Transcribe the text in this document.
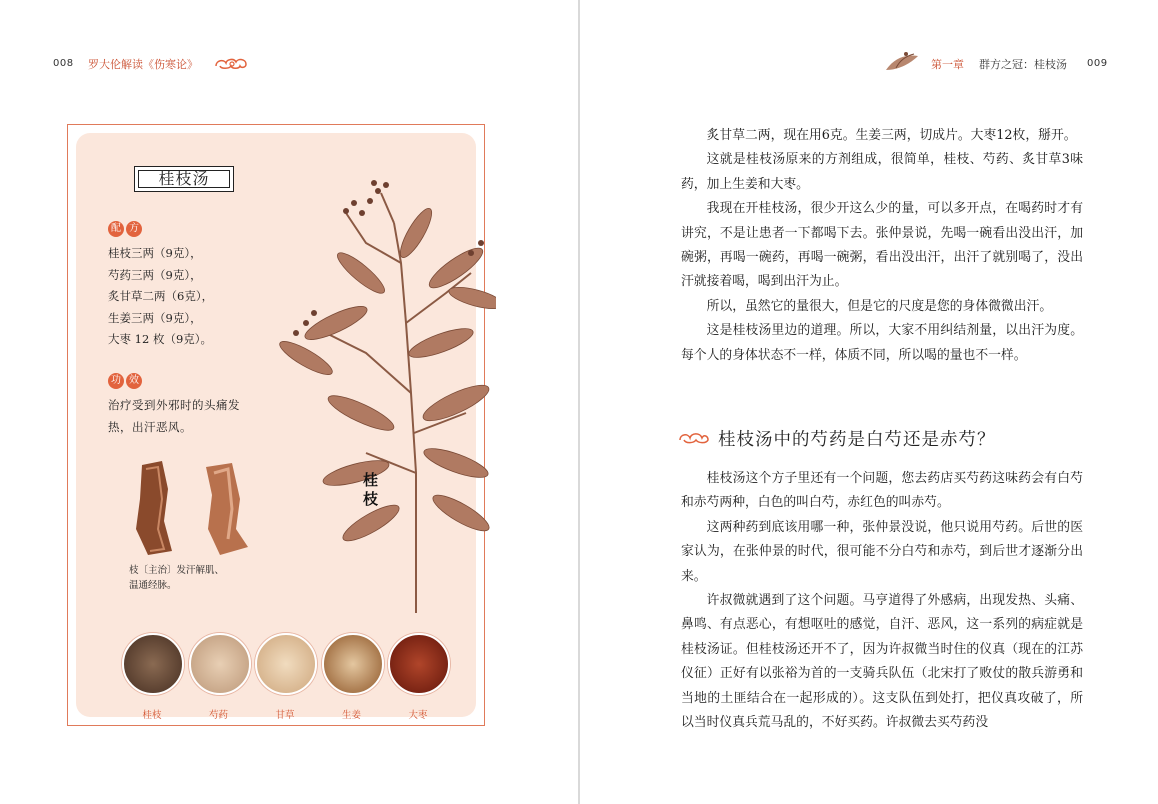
008 罗大伦解读《伤寒论》
桂枝汤
配 方
桂枝三两（9克），
芍药三两（9克），
炙甘草二两（6克），
生姜三两（9克），
大枣 12 枚（9克）。
功 效
治疗受到外邪时的头痛发热，出汗恶风。
枝〔主治〕发汗解肌、
温通经脉。
桂
枝
桂枝	芍药	甘草	生姜	大枣
第一章 群方之冠：桂枝汤 009

炙甘草二两，现在用6克。生姜三两，切成片。大枣12枚，掰开。

这就是桂枝汤原来的方剂组成，很简单，桂枝、芍药、炙甘草3味药，加上生姜和大枣。

我现在开桂枝汤，很少开这么少的量，可以多开点，在喝药时才有讲究，不是让患者一下都喝下去。张仲景说，先喝一碗看出没出汗，加碗粥，再喝一碗药，再喝一碗粥，看出没出汗，出汗了就别喝了，没出汗就接着喝，喝到出汗为止。

所以，虽然它的量很大，但是它的尺度是您的身体微微出汗。

这是桂枝汤里边的道理。所以，大家不用纠结剂量，以出汗为度。每个人的身体状态不一样，体质不同，所以喝的量也不一样。

桂枝汤中的芍药是白芍还是赤芍？

桂枝汤这个方子里还有一个问题，您去药店买芍药这味药会有白芍和赤芍两种，白色的叫白芍，赤红色的叫赤芍。

这两种药到底该用哪一种，张仲景没说，他只说用芍药。后世的医家认为，在张仲景的时代，很可能不分白芍和赤芍，到后世才逐渐分出来。

许叔微就遇到了这个问题。马亨道得了外感病，出现发热、头痛、鼻鸣、有点恶心，有想呕吐的感觉，自汗、恶风，这一系列的病症就是桂枝汤证。但桂枝汤还开不了，因为许叔微当时住的仪真（现在的江苏仪征）正好有以张裕为首的一支骑兵队伍（北宋打了败仗的散兵游勇和当地的土匪结合在一起形成的）。这支队伍到处打，把仪真攻破了，所以当时仪真兵荒马乱的，不好买药。许叔微去买芍药没
